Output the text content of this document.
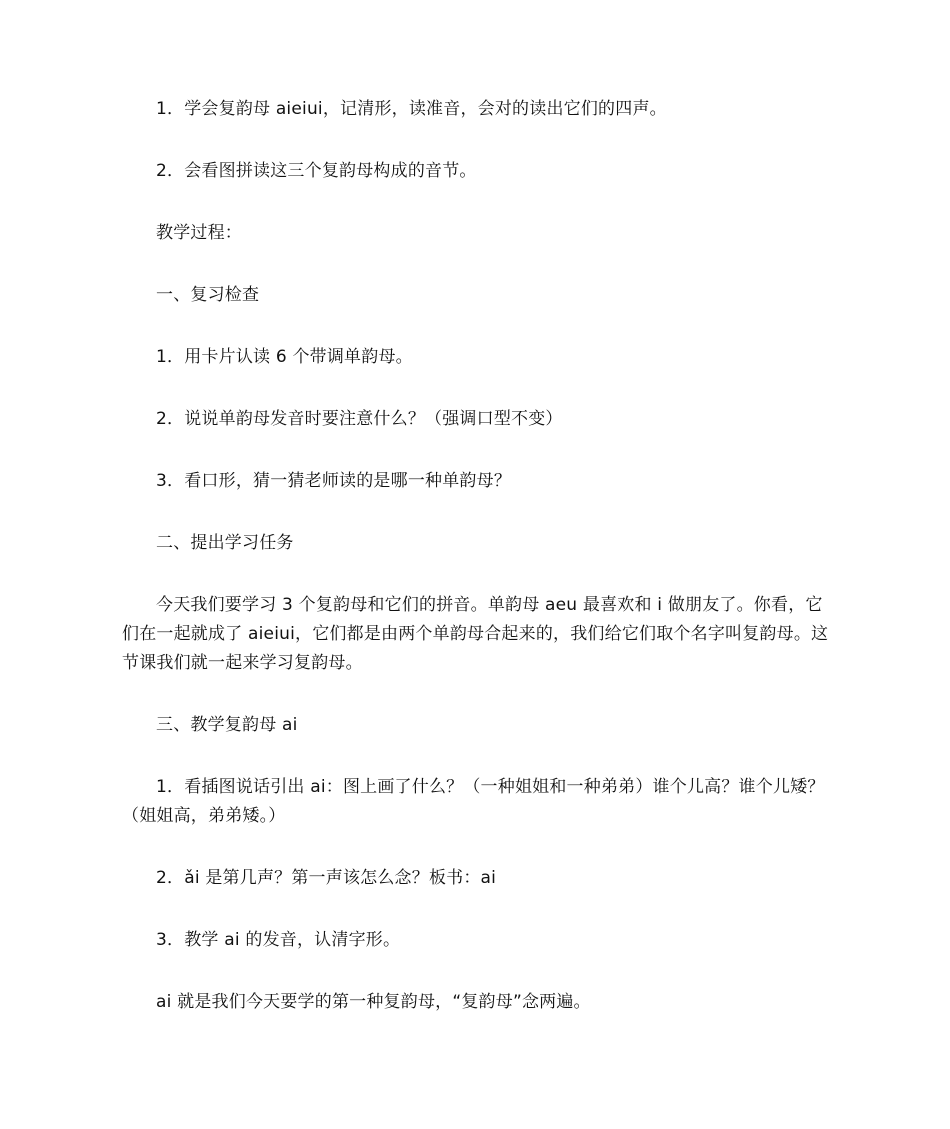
1．学会复韵母 aieiui，记清形，读准音，会对的读出它们的四声。

2．会看图拼读这三个复韵母构成的音节。

教学过程：

一、复习检查

1．用卡片认读 6 个带调单韵母。

2．说说单韵母发音时要注意什么？（强调口型不变）

3．看口形，猜一猜老师读的是哪一种单韵母？

二、提出学习任务

今天我们要学习 3 个复韵母和它们的拼音。单韵母 aeu 最喜欢和 i 做朋友了。你看，它们在一起就成了 aieiui，它们都是由两个单韵母合起来的，我们给它们取个名字叫复韵母。这节课我们就一起来学习复韵母。

三、教学复韵母 ai

1．看插图说话引出 ai：图上画了什么？（一种姐姐和一种弟弟）谁个儿高？谁个儿矮？（姐姐高，弟弟矮。）

2．ǎi 是第几声？第一声该怎么念？板书：ai

3．教学 ai 的发音，认清字形。

ai 就是我们今天要学的第一种复韵母，“复韵母”念两遍。
